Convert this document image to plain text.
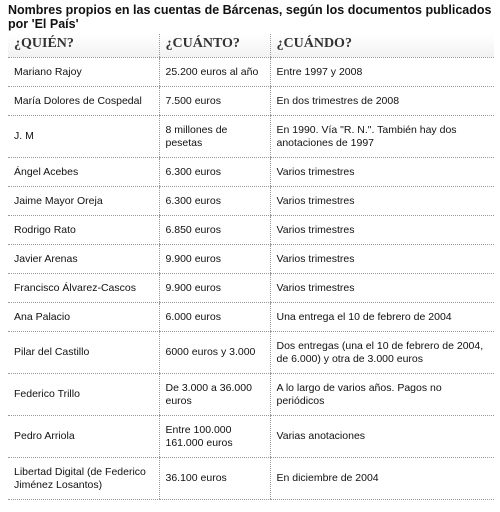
Nombres propios en las cuentas de Bárcenas, según los documentos publicados por 'El País'
¿QUIÉN?	¿CUÁNTO?	¿CUÁNDO?
Mariano Rajoy	25.200 euros al año	Entre 1997 y 2008
María Dolores de Cospedal	7.500 euros	En dos trimestres de 2008
J. M	8 millones de pesetas	En 1990. Vía "R. N.". También hay dos anotaciones de 1997
Ángel Acebes	6.300 euros	Varios trimestres
Jaime Mayor Oreja	6.300 euros	Varios trimestres
Rodrigo Rato	6.850 euros	Varios trimestres
Javier Arenas	9.900 euros	Varios trimestres
Francisco Álvarez-Cascos	9.900 euros	Varios trimestres
Ana Palacio	6.000 euros	Una entrega el 10 de febrero de 2004
Pilar del Castillo	6000 euros y 3.000	Dos entregas (una el 10 de febrero de 2004, de 6.000) y otra de 3.000 euros
Federico Trillo	De 3.000 a 36.000 euros	A lo largo de varios años. Pagos no periódicos
Pedro Arriola	Entre 100.000 161.000 euros	Varias anotaciones
Libertad Digital (de Federico Jiménez Losantos)	36.100 euros	En diciembre de 2004
